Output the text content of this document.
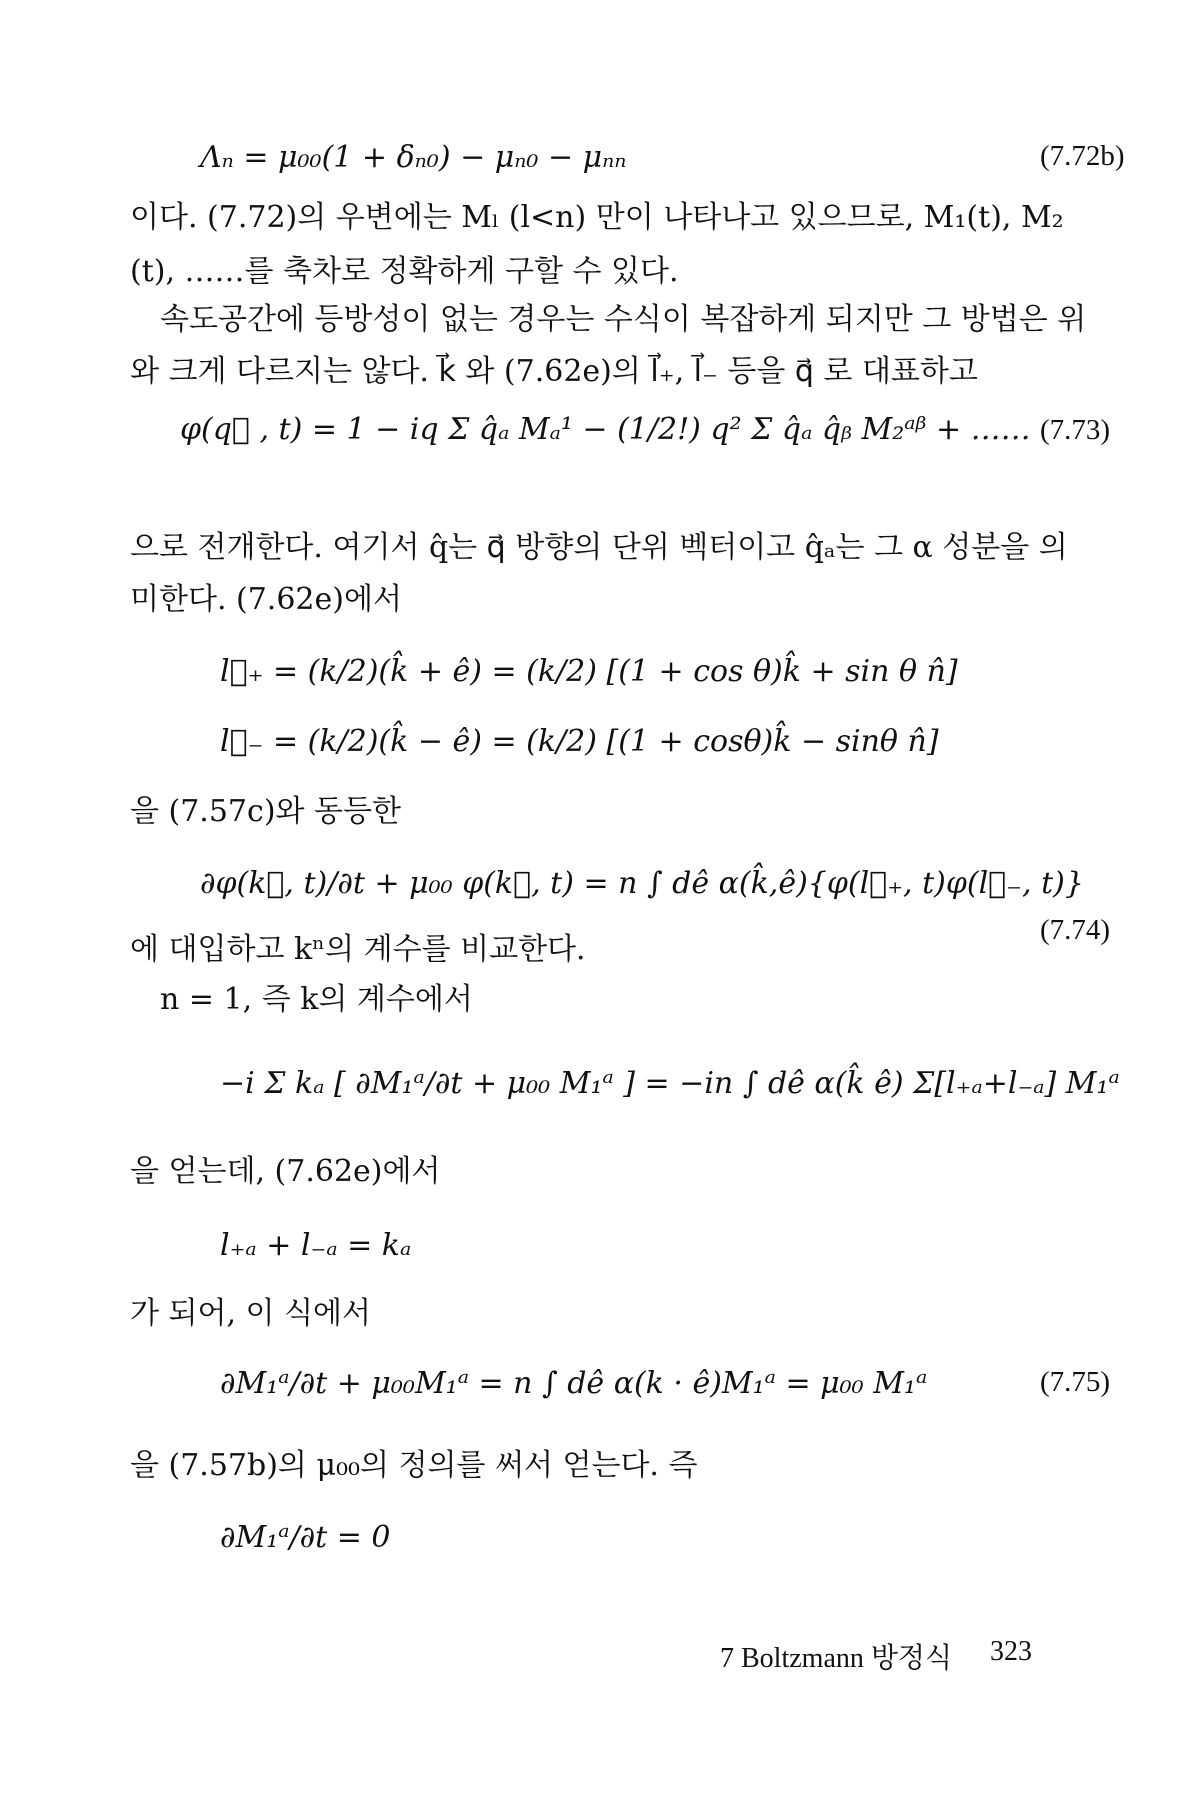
Λₙ = μ₀₀(1 + δₙ₀) − μₙ₀ − μₙₙ	(7.72b)
이다. (7.72)의 우변에는 Mₗ (l<n) 만이 나타나고 있으므로, M₁(t), M₂
(t), ……를 축차로 정확하게 구할 수 있다.
속도공간에 등방성이 없는 경우는 수식이 복잡하게 되지만 그 방법은 위
와 크게 다르지는 않다. k⃗ 와 (7.62e)의 l⃗₊, l⃗₋ 등을 q⃗ 로 대표하고
φ(q⃗ , t) = 1 − iq Σ q̂ₐ Mₐ¹ − (1/2!) q² Σ q̂ₐ q̂ᵦ M₂ᵃᵝ + …… (7.73)
으로 전개한다. 여기서 q̂는 q⃗ 방향의 단위 벡터이고 q̂ₐ는 그 α 성분을 의
미한다. (7.62e)에서
l⃗₊ = (k/2)(k̂ + ê) = (k/2) [(1 + cos θ)k̂ + sin θ n̂]
l⃗₋ = (k/2)(k̂ − ê) = (k/2) [(1 + cosθ)k̂ − sinθ n̂]
을 (7.57c)와 동등한
∂φ(k⃗, t)/∂t + μ₀₀ φ(k⃗, t) = n ∫ dê α(k̂,ê){φ(l⃗₊, t)φ(l⃗₋, t)}
(7.74)
에 대입하고 kⁿ의 계수를 비교한다.
n = 1, 즉 k의 계수에서
−i Σ kₐ [ ∂M₁ᵃ/∂t + μ₀₀ M₁ᵃ ] = −in ∫ dê α(k̂ ê) Σ[l₊ₐ+l₋ₐ] M₁ᵃ
을 얻는데, (7.62e)에서
l₊ₐ + l₋ₐ = kₐ
가 되어, 이 식에서
∂M₁ᵃ/∂t + μ₀₀M₁ᵃ = n ∫ dê α(k · ê)M₁ᵃ = μ₀₀ M₁ᵃ	(7.75)
을 (7.57b)의 μ₀₀의 정의를 써서 얻는다. 즉
∂M₁ᵃ/∂t = 0
7 Boltzmann 방정식 323
